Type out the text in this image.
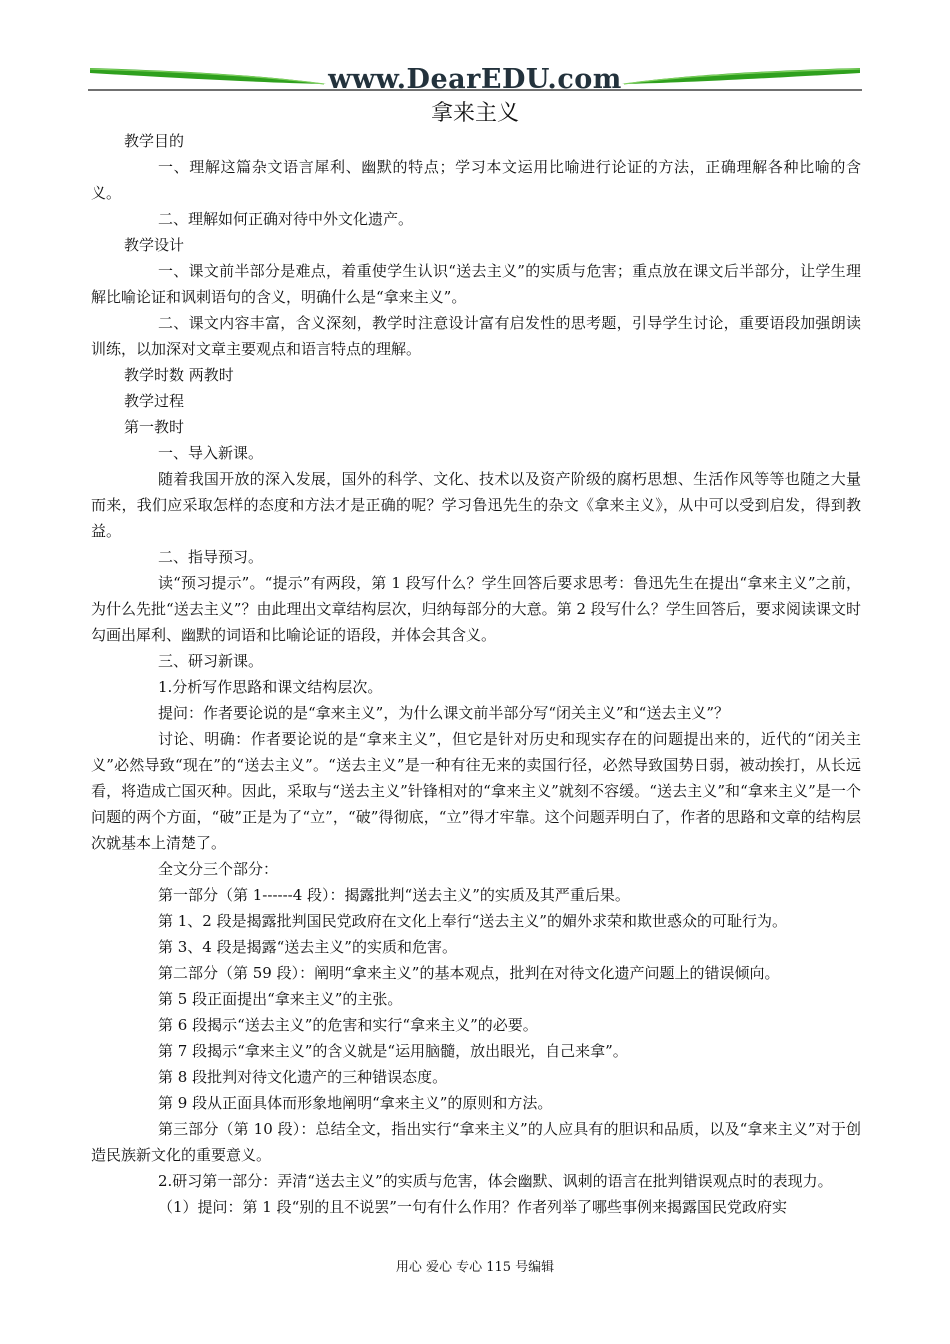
www.DearEDU.com
拿来主义

教学目的

一、理解这篇杂文语言犀利、幽默的特点；学习本文运用比喻进行论证的方法，正确理解各种比喻的含义。

二、理解如何正确对待中外文化遗产。

教学设计

一、课文前半部分是难点，着重使学生认识“送去主义”的实质与危害；重点放在课文后半部分，让学生理解比喻论证和讽刺语句的含义，明确什么是“拿来主义”。

二、课文内容丰富，含义深刻，教学时注意设计富有启发性的思考题，引导学生讨论，重要语段加强朗读训练，以加深对文章主要观点和语言特点的理解。

教学时数 两教时

教学过程

第一教时

一、导入新课。

随着我国开放的深入发展，国外的科学、文化、技术以及资产阶级的腐朽思想、生活作风等等也随之大量而来，我们应采取怎样的态度和方法才是正确的呢？学习鲁迅先生的杂文《拿来主义》，从中可以受到启发，得到教益。

二、指导预习。

读“预习提示”。“提示”有两段，第 1 段写什么？学生回答后要求思考：鲁迅先生在提出“拿来主义”之前，为什么先批“送去主义”？由此理出文章结构层次，归纳每部分的大意。第 2 段写什么？学生回答后，要求阅读课文时勾画出犀利、幽默的词语和比喻论证的语段，并体会其含义。

三、研习新课。

1.分析写作思路和课文结构层次。

提问：作者要论说的是“拿来主义”，为什么课文前半部分写“闭关主义”和“送去主义”？

讨论、明确：作者要论说的是“拿来主义”，但它是针对历史和现实存在的问题提出来的，近代的“闭关主义”必然导致“现在”的“送去主义”。“送去主义”是一种有往无来的卖国行径，必然导致国势日弱，被动挨打，从长远看，将造成亡国灭种。因此，采取与“送去主义”针锋相对的“拿来主义”就刻不容缓。“送去主义”和“拿来主义”是一个问题的两个方面，“破”正是为了“立”，“破”得彻底，“立”得才牢靠。这个问题弄明白了，作者的思路和文章的结构层次就基本上清楚了。

全文分三个部分：

第一部分（第 1------4 段）：揭露批判“送去主义”的实质及其严重后果。

第 1、2 段是揭露批判国民党政府在文化上奉行“送去主义”的媚外求荣和欺世惑众的可耻行为。

第 3、4 段是揭露“送去主义”的实质和危害。

第二部分（第 59 段）：阐明“拿来主义”的基本观点，批判在对待文化遗产问题上的错误倾向。

第 5 段正面提出“拿来主义”的主张。

第 6 段揭示“送去主义”的危害和实行“拿来主义”的必要。

第 7 段揭示“拿来主义”的含义就是“运用脑髓，放出眼光，自己来拿”。

第 8 段批判对待文化遗产的三种错误态度。

第 9 段从正面具体而形象地阐明“拿来主义”的原则和方法。

第三部分（第 10 段）：总结全文，指出实行“拿来主义”的人应具有的胆识和品质，以及“拿来主义”对于创造民族新文化的重要意义。

2.研习第一部分：弄清“送去主义”的实质与危害，体会幽默、讽刺的语言在批判错误观点时的表现力。

（1）提问：第 1 段“别的且不说罢”一句有什么作用？作者列举了哪些事例来揭露国民党政府实

用心 爱心 专心 115 号编辑
